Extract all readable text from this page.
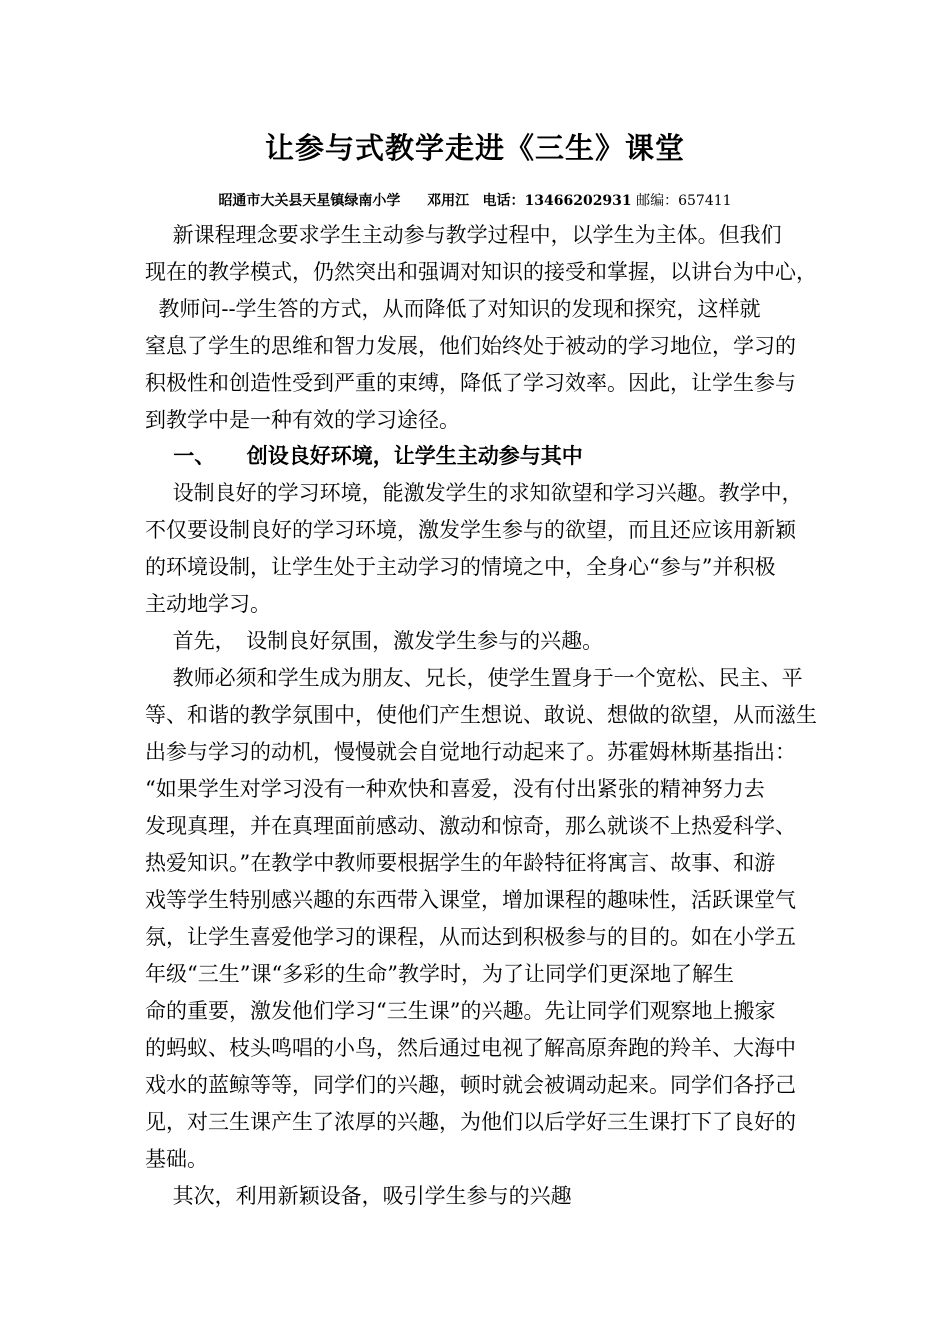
让参与式教学走进《三生》课堂
昭通市大关县天星镇绿南小学 邓用江 电话：13466202931 邮编：657411
　 新课程理念要求学生主动参与教学过程中，以学生为主体。但我们
现在的教学模式，仍然突出和强调对知识的接受和掌握，以讲台为中心，
教师问--学生答的方式，从而降低了对知识的发现和探究，这样就
窒息了学生的思维和智力发展，他们始终处于被动的学习地位，学习的
积极性和创造性受到严重的束缚，降低了学习效率。因此，让学生参与
到教学中是一种有效的学习途径。
　 一、　　创设良好环境，让学生主动参与其中
　 设制良好的学习环境，能激发学生的求知欲望和学习兴趣。教学中，
不仅要设制良好的学习环境，激发学生参与的欲望，而且还应该用新颖
的环境设制，让学生处于主动学习的情境之中，全身心“参与”并积极
主动地学习。
　 首先，　设制良好氛围，激发学生参与的兴趣。
　 教师必须和学生成为朋友、兄长，使学生置身于一个宽松、民主、平
等、和谐的教学氛围中，使他们产生想说、敢说、想做的欲望，从而滋生
出参与学习的动机，慢慢就会自觉地行动起来了。苏霍姆林斯基指出：
“如果学生对学习没有一种欢快和喜爱，没有付出紧张的精神努力去
发现真理，并在真理面前感动、激动和惊奇，那么就谈不上热爱科学、
热爱知识。”在教学中教师要根据学生的年龄特征将寓言、故事、和游
戏等学生特别感兴趣的东西带入课堂，增加课程的趣味性，活跃课堂气
氛，让学生喜爱他学习的课程，从而达到积极参与的目的。如在小学五
年级“三生”课“多彩的生命”教学时，为了让同学们更深地了解生
命的重要，激发他们学习“三生课”的兴趣。先让同学们观察地上搬家
的蚂蚁、枝头鸣唱的小鸟，然后通过电视了解高原奔跑的羚羊、大海中
戏水的蓝鲸等等，同学们的兴趣，顿时就会被调动起来。同学们各抒己
见，对三生课产生了浓厚的兴趣，为他们以后学好三生课打下了良好的
基础。
　 其次，利用新颖设备，吸引学生参与的兴趣
